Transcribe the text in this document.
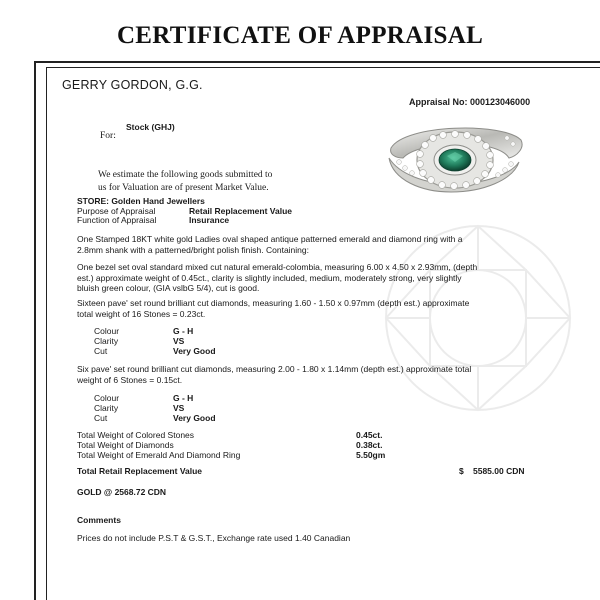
CERTIFICATE OF APPRAISAL
GERRY GORDON, G.G.
Appraisal No: 000123046000
Stock (GHJ)
For:
We estimate the following goods submitted to
us for Valuation are of present Market Value.
STORE: Golden Hand Jewellers
Purpose of Appraisal	Retail Replacement Value
Function of Appraisal	Insurance
One Stamped 18KT white gold Ladies oval shaped antique patterned emerald and diamond ring with a
2.8mm shank with a patterned/bright polish finish. Containing:
One bezel set oval standard mixed cut natural emerald-colombia, measuring 6.00 x 4.50 x 2.93mm, (depth
est.) approximate weight of 0.45ct., clarity is slightly included, medium, moderately strong, very slightly
bluish green colour, (GIA vslbG 5/4), cut is good.
Sixteen pave' set round brilliant cut diamonds, measuring 1.60 - 1.50 x 0.97mm (depth est.) approximate
total weight of 16 Stones = 0.23ct.
Colour	G - H
Clarity	VS
Cut	Very Good
Six pave' set round brilliant cut diamonds, measuring 2.00 - 1.80 x 1.14mm (depth est.) approximate total
weight of 6 Stones = 0.15ct.
Colour	G - H
Clarity	VS
Cut	Very Good
Total Weight of Colored Stones	0.45ct.
Total Weight of Diamonds	0.38ct.
Total Weight of Emerald And Diamond Ring	5.50gm
Total Retail Replacement Value	$ 5585.00 CDN
GOLD @ 2568.72 CDN
Comments
Prices do not include P.S.T & G.S.T., Exchange rate used 1.40 Canadian
